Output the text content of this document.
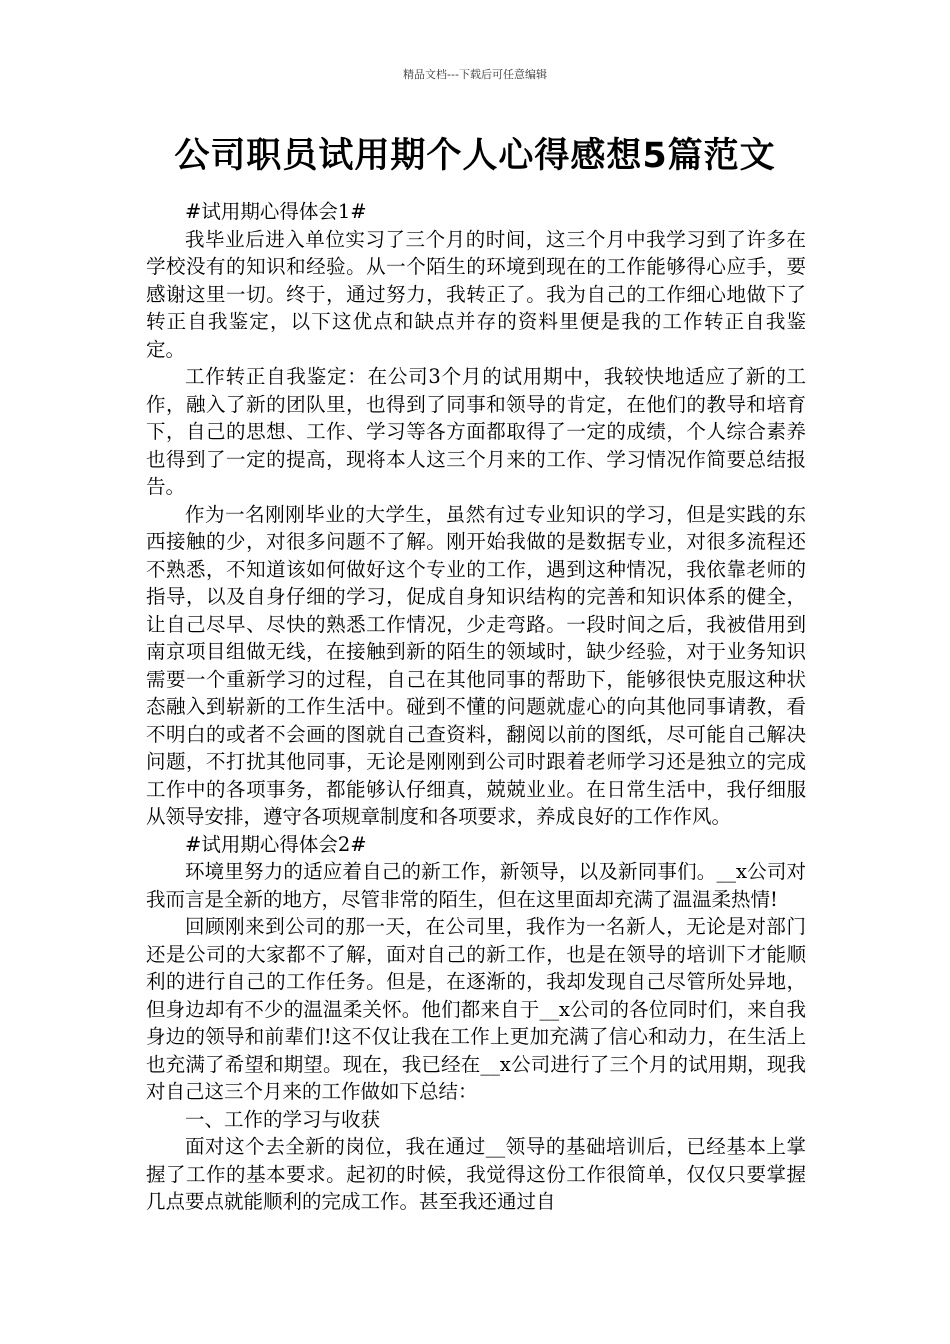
精品文档---下载后可任意编辑
公司职员试用期个人心得感想5篇范文

#试用期心得体会1#

我毕业后进入单位实习了三个月的时间，这三个月中我学习到了许多在学校没有的知识和经验。从一个陌生的环境到现在的工作能够得心应手，要感谢这里一切。终于，通过努力，我转正了。我为自己的工作细心地做下了转正自我鉴定，以下这优点和缺点并存的资料里便是我的工作转正自我鉴定。

工作转正自我鉴定：在公司3个月的试用期中，我较快地适应了新的工作，融入了新的团队里，也得到了同事和领导的肯定，在他们的教导和培育下，自己的思想、工作、学习等各方面都取得了一定的成绩，个人综合素养也得到了一定的提高，现将本人这三个月来的工作、学习情况作简要总结报告。

作为一名刚刚毕业的大学生，虽然有过专业知识的学习，但是实践的东西接触的少，对很多问题不了解。刚开始我做的是数据专业，对很多流程还不熟悉，不知道该如何做好这个专业的工作，遇到这种情况，我依靠老师的指导，以及自身仔细的学习，促成自身知识结构的完善和知识体系的健全，让自己尽早、尽快的熟悉工作情况，少走弯路。一段时间之后，我被借用到南京项目组做无线，在接触到新的陌生的领域时，缺少经验，对于业务知识需要一个重新学习的过程，自己在其他同事的帮助下，能够很快克服这种状态融入到崭新的工作生活中。碰到不懂的问题就虚心的向其他同事请教，看不明白的或者不会画的图就自己查资料，翻阅以前的图纸，尽可能自己解决问题，不打扰其他同事，无论是刚刚到公司时跟着老师学习还是独立的完成工作中的各项事务，都能够认仔细真，兢兢业业。在日常生活中，我仔细服从领导安排，遵守各项规章制度和各项要求，养成良好的工作作风。

#试用期心得体会2#

环境里努力的适应着自己的新工作，新领导，以及新同事们。__x公司对我而言是全新的地方，尽管非常的陌生，但在这里面却充满了温温柔热情!

回顾刚来到公司的那一天，在公司里，我作为一名新人，无论是对部门还是公司的大家都不了解，面对自己的新工作，也是在领导的培训下才能顺利的进行自己的工作任务。但是，在逐渐的，我却发现自己尽管所处异地，但身边却有不少的温温柔关怀。他们都来自于__x公司的各位同时们，来自我身边的领导和前辈们!这不仅让我在工作上更加充满了信心和动力，在生活上也充满了希望和期望。现在，我已经在__x公司进行了三个月的试用期，现我对自己这三个月来的工作做如下总结：

一、工作的学习与收获

面对这个去全新的岗位，我在通过__领导的基础培训后，已经基本上掌握了工作的基本要求。起初的时候，我觉得这份工作很简单，仅仅只要掌握几点要点就能顺利的完成工作。甚至我还通过自
